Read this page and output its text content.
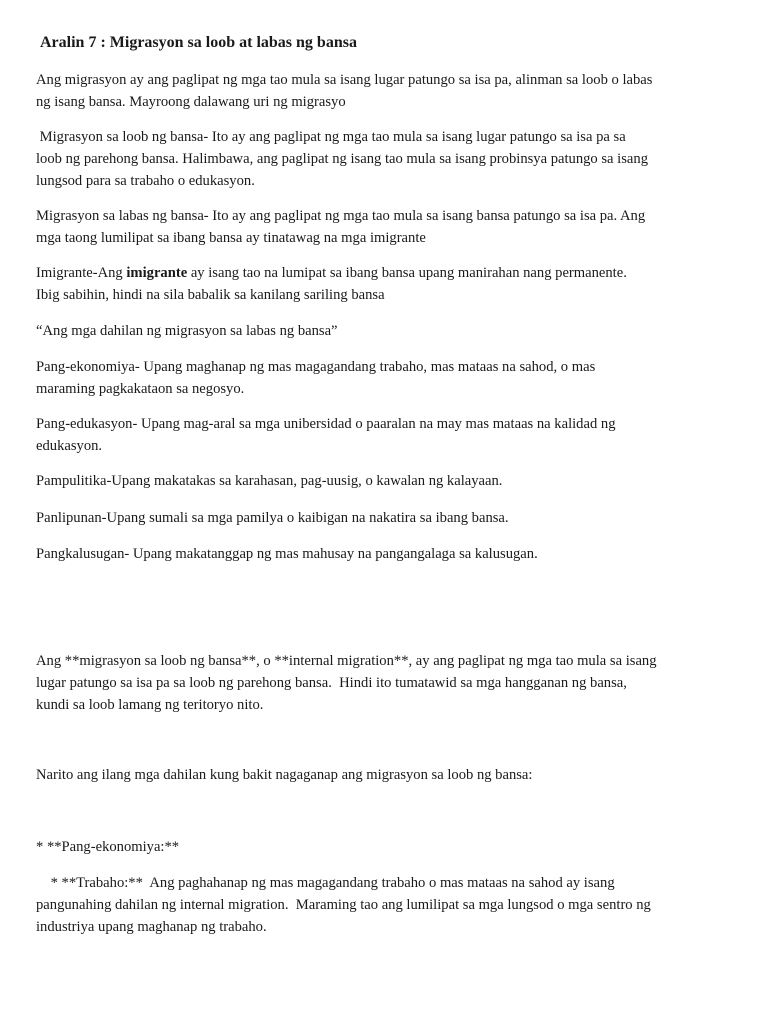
Aralin 7 : Migrasyon sa loob at labas ng bansa

Ang migrasyon ay ang paglipat ng mga tao mula sa isang lugar patungo sa isa pa, alinman sa loob o labas
ng isang bansa. Mayroong dalawang uri ng migrasyo

Migrasyon sa loob ng bansa- Ito ay ang paglipat ng mga tao mula sa isang lugar patungo sa isa pa sa
loob ng parehong bansa. Halimbawa, ang paglipat ng isang tao mula sa isang probinsya patungo sa isang
lungsod para sa trabaho o edukasyon.

Migrasyon sa labas ng bansa- Ito ay ang paglipat ng mga tao mula sa isang bansa patungo sa isa pa. Ang
mga taong lumilipat sa ibang bansa ay tinatawag na mga imigrante

Imigrante-Ang imigrante ay isang tao na lumipat sa ibang bansa upang manirahan nang permanente.
Ibig sabihin, hindi na sila babalik sa kanilang sariling bansa

“Ang mga dahilan ng migrasyon sa labas ng bansa”

Pang-ekonomiya- Upang maghanap ng mas magagandang trabaho, mas mataas na sahod, o mas
maraming pagkakataon sa negosyo.

Pang-edukasyon- Upang mag-aral sa mga unibersidad o paaralan na may mas mataas na kalidad ng
edukasyon.

Pampulitika-Upang makatakas sa karahasan, pag-uusig, o kawalan ng kalayaan.

Panlipunan-Upang sumali sa mga pamilya o kaibigan na nakatira sa ibang bansa.

Pangkalusugan- Upang makatanggap ng mas mahusay na pangangalaga sa kalusugan.

Ang **migrasyon sa loob ng bansa**, o **internal migration**, ay ang paglipat ng mga tao mula sa isang
lugar patungo sa isa pa sa loob ng parehong bansa.  Hindi ito tumatawid sa mga hangganan ng bansa,
kundi sa loob lamang ng teritoryo nito.

Narito ang ilang mga dahilan kung bakit nagaganap ang migrasyon sa loob ng bansa:

* **Pang-ekonomiya:**

* **Trabaho:**  Ang paghahanap ng mas magagandang trabaho o mas mataas na sahod ay isang
pangunahing dahilan ng internal migration.  Maraming tao ang lumilipat sa mga lungsod o mga sentro ng
industriya upang maghanap ng trabaho.
